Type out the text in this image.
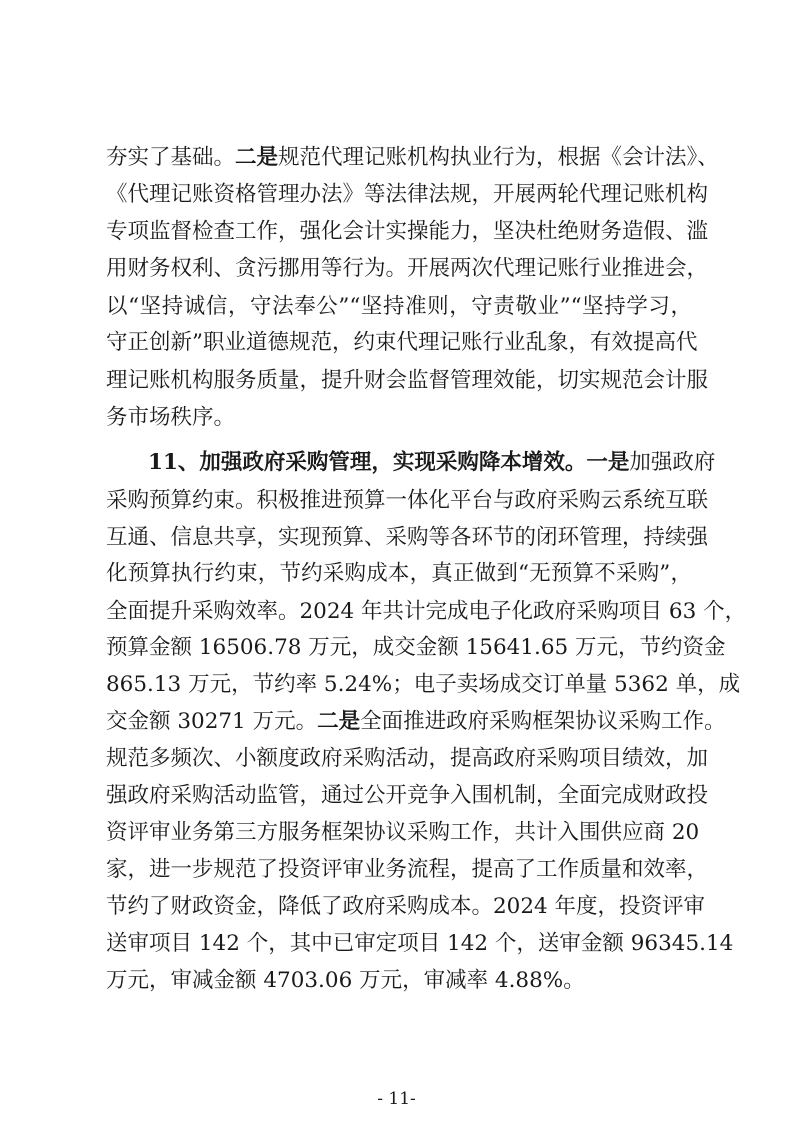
夯实了基础。二是规范代理记账机构执业行为，根据《会计法》、
《代理记账资格管理办法》等法律法规，开展两轮代理记账机构
专项监督检查工作，强化会计实操能力，坚决杜绝财务造假、滥
用财务权利、贪污挪用等行为。开展两次代理记账行业推进会，
以“坚持诚信，守法奉公”“坚持准则，守责敬业”“坚持学习，
守正创新”职业道德规范，约束代理记账行业乱象，有效提高代
理记账机构服务质量，提升财会监督管理效能，切实规范会计服
务市场秩序。
11、加强政府采购管理，实现采购降本增效。一是加强政府
采购预算约束。积极推进预算一体化平台与政府采购云系统互联
互通、信息共享，实现预算、采购等各环节的闭环管理，持续强
化预算执行约束，节约采购成本，真正做到“无预算不采购”，
全面提升采购效率。2024 年共计完成电子化政府采购项目 63 个，
预算金额 16506.78 万元，成交金额 15641.65 万元，节约资金
865.13 万元，节约率 5.24%；电子卖场成交订单量 5362 单，成
交金额 30271 万元。二是全面推进政府采购框架协议采购工作。
规范多频次、小额度政府采购活动，提高政府采购项目绩效，加
强政府采购活动监管，通过公开竞争入围机制，全面完成财政投
资评审业务第三方服务框架协议采购工作，共计入围供应商 20
家，进一步规范了投资评审业务流程，提高了工作质量和效率，
节约了财政资金，降低了政府采购成本。2024 年度，投资评审
送审项目 142 个，其中已审定项目 142 个，送审金额 96345.14
万元，审减金额 4703.06 万元，审减率 4.88%。
- 11-
